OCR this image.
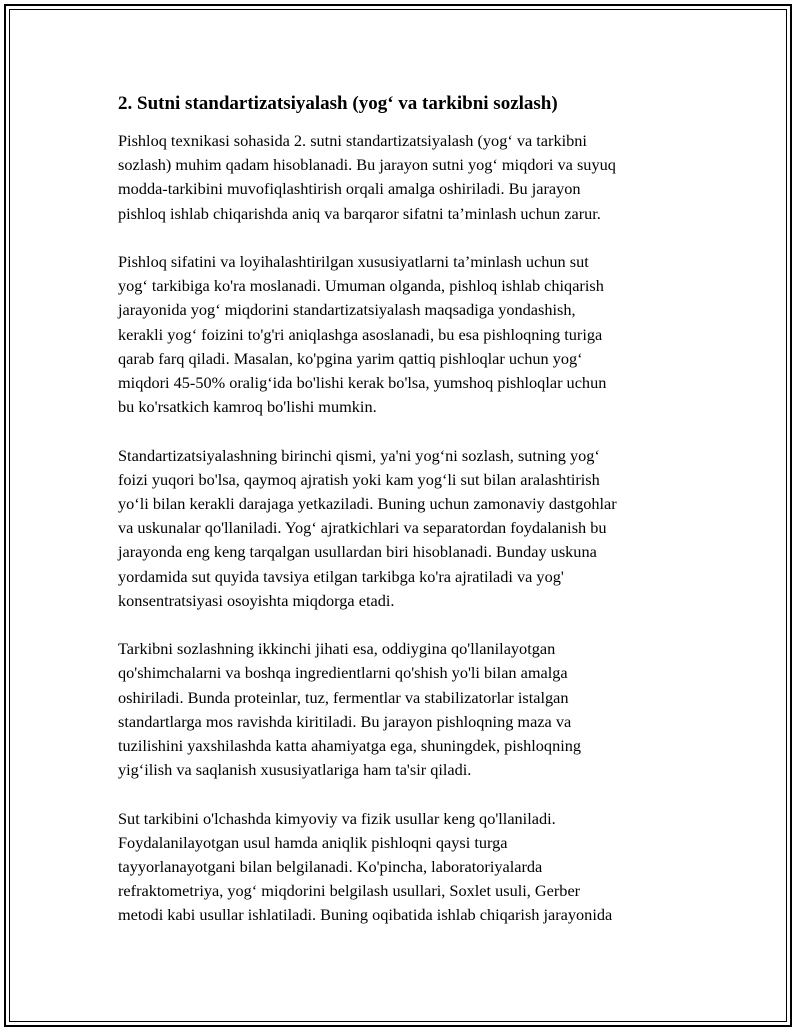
2. Sutni standartizatsiyalash (yog‘ va tarkibni sozlash)
Pishloq texnikasi sohasida 2. sutni standartizatsiyalash (yog‘ va tarkibni
sozlash) muhim qadam hisoblanadi. Bu jarayon sutni yog‘ miqdori va suyuq
modda-tarkibini muvofiqlashtirish orqali amalga oshiriladi. Bu jarayon
pishloq ishlab chiqarishda aniq va barqaror sifatni ta’minlash uchun zarur.
Pishloq sifatini va loyihalashtirilgan xususiyatlarni ta’minlash uchun sut
yog‘ tarkibiga ko'ra moslanadi. Umuman olganda, pishloq ishlab chiqarish
jarayonida yog‘ miqdorini standartizatsiyalash maqsadiga yondashish,
kerakli yog‘ foizini to'g'ri aniqlashga asoslanadi, bu esa pishloqning turiga
qarab farq qiladi. Masalan, ko'pgina yarim qattiq pishloqlar uchun yog‘
miqdori 45-50% oralig‘ida bo'lishi kerak bo'lsa, yumshoq pishloqlar uchun
bu ko'rsatkich kamroq bo'lishi mumkin.
Standartizatsiyalashning birinchi qismi, ya'ni yog‘ni sozlash, sutning yog‘
foizi yuqori bo'lsa, qaymoq ajratish yoki kam yog‘li sut bilan aralashtirish
yo‘li bilan kerakli darajaga yetkaziladi. Buning uchun zamonaviy dastgohlar
va uskunalar qo'llaniladi. Yog‘ ajratkichlari va separatordan foydalanish bu
jarayonda eng keng tarqalgan usullardan biri hisoblanadi. Bunday uskuna
yordamida sut quyida tavsiya etilgan tarkibga ko'ra ajratiladi va yog'
konsentratsiyasi osoyishta miqdorga etadi.
Tarkibni sozlashning ikkinchi jihati esa, oddiygina qo'llanilayotgan
qo'shimchalarni va boshqa ingredientlarni qo'shish yo'li bilan amalga
oshiriladi. Bunda proteinlar, tuz, fermentlar va stabilizatorlar istalgan
standartlarga mos ravishda kiritiladi. Bu jarayon pishloqning maza va
tuzilishini yaxshilashda katta ahamiyatga ega, shuningdek, pishloqning
yig‘ilish va saqlanish xususiyatlariga ham ta'sir qiladi.
Sut tarkibini o'lchashda kimyoviy va fizik usullar keng qo'llaniladi.
Foydalanilayotgan usul hamda aniqlik pishloqni qaysi turga
tayyorlanayotgani bilan belgilanadi. Ko'pincha, laboratoriyalarda
refraktometriya, yog‘ miqdorini belgilash usullari, Soxlet usuli, Gerber
metodi kabi usullar ishlatiladi. Buning oqibatida ishlab chiqarish jarayonida
